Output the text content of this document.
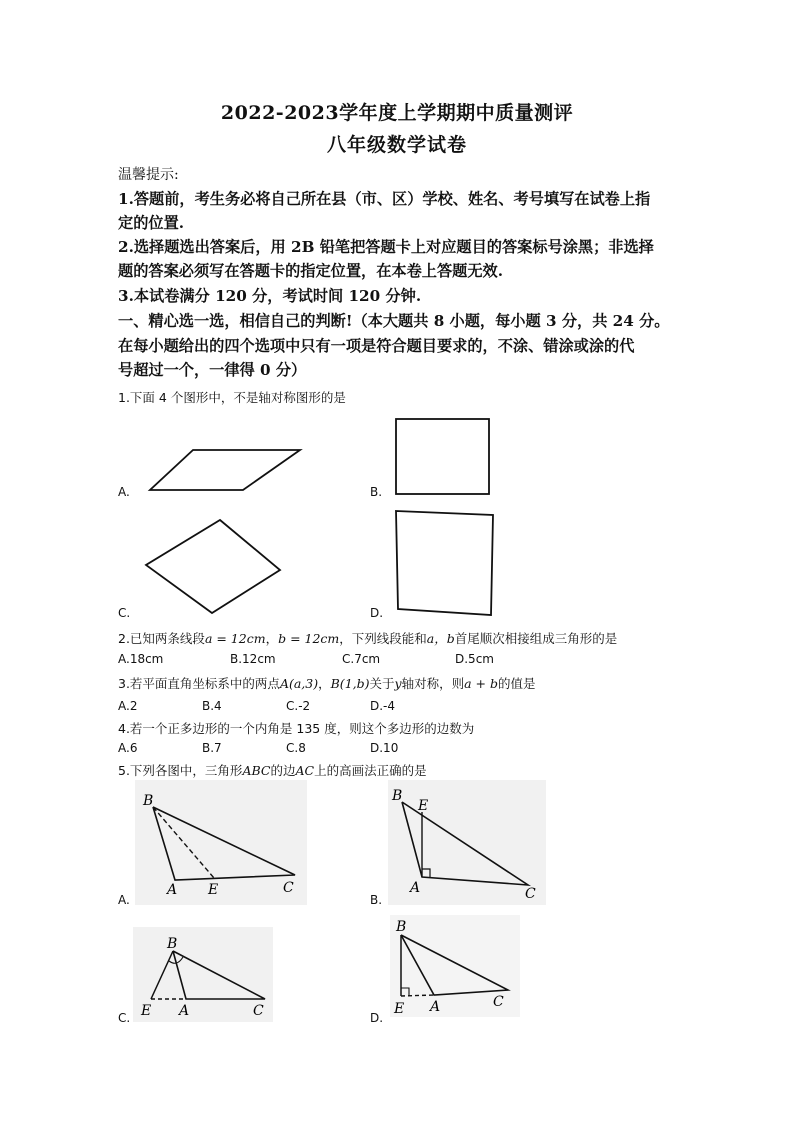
2022-2023学年度上学期期中质量测评
八年级数学试卷
温馨提示:
1.答题前，考生务必将自己所在县（市、区）学校、姓名、考号填写在试卷上指
定的位置.
2.选择题选出答案后，用 2B 铅笔把答题卡上对应题目的答案标号涂黑；非选择
题的答案必须写在答题卡的指定位置，在本卷上答题无效.
3.本试卷满分 120 分，考试时间 120 分钟.
一、精心选一选，相信自己的判断!（本大题共 8 小题，每小题 3 分，共 24 分。
在每小题给出的四个选项中只有一项是符合题目要求的，不涂、错涂或涂的代
号超过一个，一律得 0 分）
1.下面 4 个图形中，不是轴对称图形的是
A.	B.
C.	D.
2.已知两条线段a = 12cm，b = 12cm，下列线段能和a，b首尾顺次相接组成三角形的是
A.18cm	B.12cm	C.7cm	D.5cm
3.若平面直角坐标系中的两点A(a,3)，B(1,b)关于y轴对称，则a + b的值是
A.2	B.4	C.-2	D.-4
4.若一个正多边形的一个内角是 135 度，则这个多边形的边数为
A.6	B.7	C.8	D.10
5.下列各图中，三角形ABC的边AC上的高画法正确的是
B
A E	C
A.
B
E
A	C
B.
B
E A	C
C.
B
E A	C
D.
